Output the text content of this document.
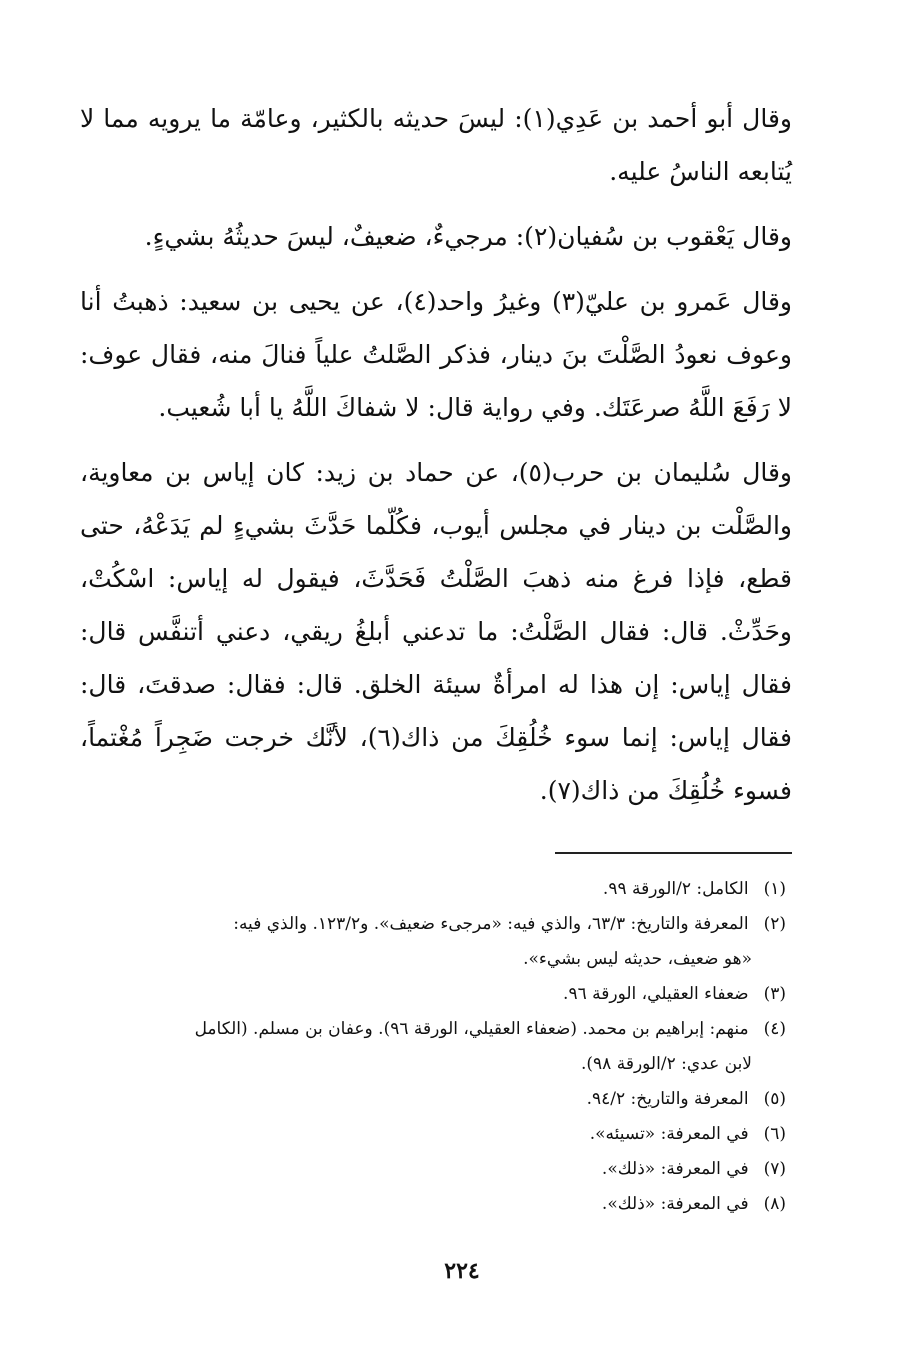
وقال أبو أحمد بن عَدِي(١): ليسَ حديثه بالكثير، وعامّة ما يرويه مما لا يُتابعه الناسُ عليه.

وقال يَعْقوب بن سُفيان(٢): مرجيءٌ، ضعيفٌ، ليسَ حديثُهُ بشيءٍ.

وقال عَمرو بن عليّ(٣) وغيرُ واحد(٤)، عن يحيى بن سعيد: ذهبتُ أنا وعوف نعودُ الصَّلْتَ بنَ دينار، فذكر الصَّلتُ علياً فنالَ منه، فقال عوف: لا رَفَعَ اللَّهُ صرعَتَك. وفي رواية قال: لا شفاكَ اللَّهُ يا أبا شُعيب.

وقال سُليمان بن حرب(٥)، عن حماد بن زيد: كان إياس بن معاوية، والصَّلْت بن دينار في مجلس أيوب، فكُلّما حَدَّثَ بشيءٍ لم يَدَعْهُ، حتى قطع، فإذا فرغ منه ذهبَ الصَّلْتُ فَحَدَّثَ، فيقول له إياس: اسْكُتْ، وحَدِّثْ. قال: فقال الصَّلْتُ: ما تدعني أبلغُ ريقي، دعني أتنفَّس قال: فقال إياس: إن هذا له امرأةٌ سيئة الخلق. قال: فقال: صدقتَ، قال: فقال إياس: إنما سوء خُلُقِكَ من ذاك(٦)، لأنَّك خرجت ضَجِراً مُغْتماً، فسوء خُلُقِكَ من ذاك(٧).

(١) الكامل: ٢/الورقة ٩٩.

(٢) المعرفة والتاريخ: ٦٣/٣، والذي فيه: «مرجىء ضعيف». و١٢٣/٢. والذي فيه:
«هو ضعيف، حديثه ليس بشيء».

(٣) ضعفاء العقيلي، الورقة ٩٦.

(٤) منهم: إبراهيم بن محمد. (ضعفاء العقيلي، الورقة ٩٦). وعفان بن مسلم. (الكامل
لابن عدي: ٢/الورقة ٩٨).

(٥) المعرفة والتاريخ: ٩٤/٢.

(٦) في المعرفة: «تسيئه».

(٧) في المعرفة: «ذلك».

(٨) في المعرفة: «ذلك».

٢٢٤
